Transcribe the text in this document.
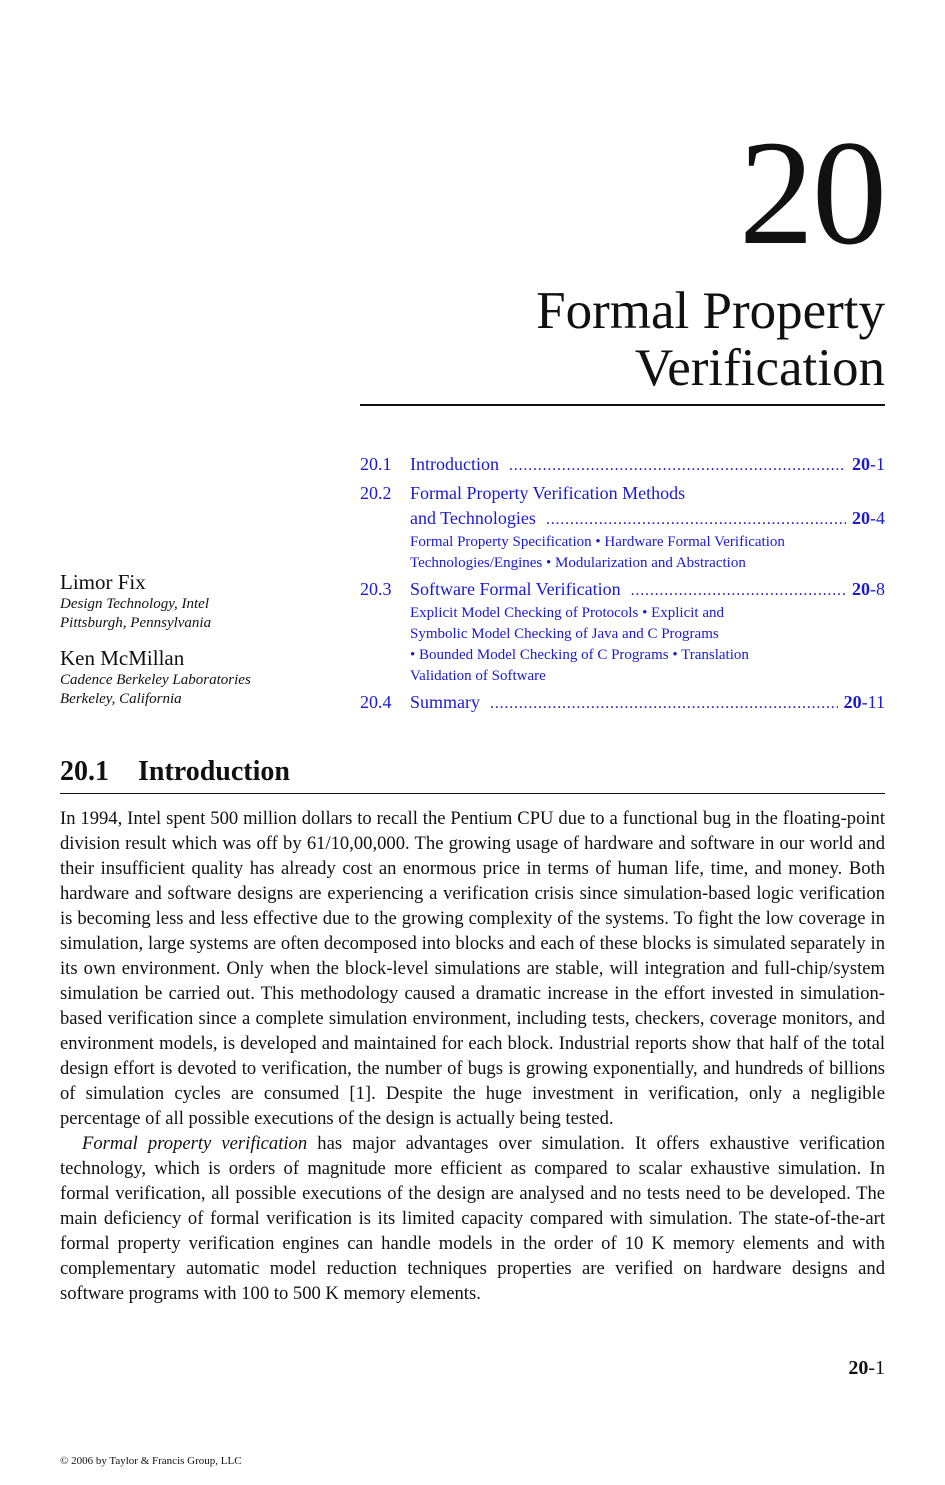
20
Formal Property
Verification
20.1	Introduction . . .	20-1
20.2	Formal Property Verification Methods
and Technologies . . .	20-4
Formal Property Specification • Hardware Formal Verification
Technologies/Engines • Modularization and Abstraction
20.3	Software Formal Verification . . .	20-8
Explicit Model Checking of Protocols • Explicit and
Symbolic Model Checking of Java and C Programs
• Bounded Model Checking of C Programs • Translation
Validation of Software
20.4	Summary . . .	20-11
Limor Fix
Design Technology, Intel
Pittsburgh, Pennsylvania
Ken McMillan
Cadence Berkeley Laboratories
Berkeley, California
20.1 Introduction

In 1994, Intel spent 500 million dollars to recall the Pentium CPU due to a functional bug in the floating-point division result which was off by 61/10,00,000. The growing usage of hardware and software in our world and their insufficient quality has already cost an enormous price in terms of human life, time, and money. Both hardware and software designs are experiencing a verification crisis since simulation-based logic verification is becoming less and less effective due to the growing complexity of the systems. To fight the low coverage in simulation, large systems are often decomposed into blocks and each of these blocks is simulated separately in its own environment. Only when the block-level simulations are stable, will integration and full-chip/system simulation be carried out. This methodology caused a dramatic increase in the effort invested in simulation-based verification since a complete simulation environment, including tests, checkers, coverage monitors, and environment models, is developed and maintained for each block. Industrial reports show that half of the total design effort is devoted to verification, the number of bugs is growing exponentially, and hundreds of billions of simulation cycles are consumed [1]. Despite the huge investment in verification, only a negligible percentage of all possible executions of the design is actually being tested.

Formal property verification has major advantages over simulation. It offers exhaustive verification technology, which is orders of magnitude more efficient as compared to scalar exhaustive simulation. In formal verification, all possible executions of the design are analysed and no tests need to be developed. The main deficiency of formal verification is its limited capacity compared with simulation. The state-of-the-art formal property verification engines can handle models in the order of 10 K memory elements and with complementary automatic model reduction techniques properties are verified on hardware designs and software programs with 100 to 500 K memory elements.

20-1
© 2006 by Taylor & Francis Group, LLC
